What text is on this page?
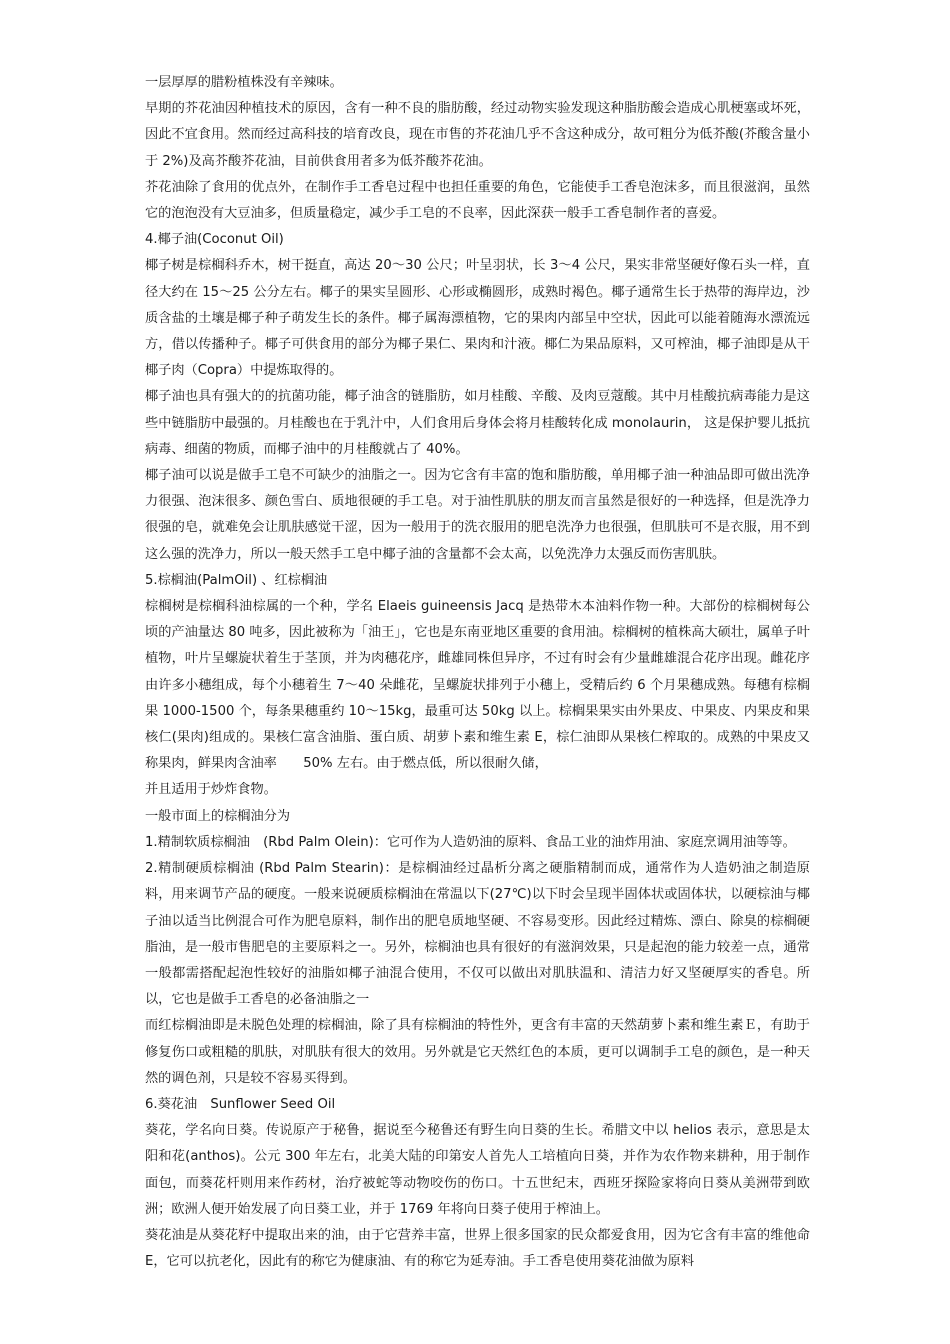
一层厚厚的腊粉植株没有辛辣味。

早期的芥花油因种植技术的原因，含有一种不良的脂肪酸，经过动物实验发现这种脂肪酸会造成心肌梗塞或坏死，因此不宜食用。然而经过高科技的培育改良，现在市售的芥花油几乎不含这种成分，故可粗分为低芥酸(芥酸含量小于 2%)及高芥酸芥花油，目前供食用者多为低芥酸芥花油。

芥花油除了食用的优点外，在制作手工香皂过程中也担任重要的角色，它能使手工香皂泡沫多，而且很滋润，虽然它的泡泡没有大豆油多，但质量稳定，减少手工皂的不良率，因此深获一般手工香皂制作者的喜爱。

4.椰子油(Coconut Oil)

椰子树是棕榈科乔木，树干挺直，高达 20～30 公尺；叶呈羽状，长 3～4 公尺，果实非常坚硬好像石头一样，直径大约在 15～25 公分左右。椰子的果实呈圆形、心形或椭圆形，成熟时褐色。椰子通常生长于热带的海岸边，沙质含盐的土壤是椰子种子萌发生长的条件。椰子属海漂植物，它的果肉内部呈中空状，因此可以能着随海水漂流远方，借以传播种子。椰子可供食用的部分为椰子果仁、果肉和汁液。椰仁为果品原料，又可榨油，椰子油即是从干椰子肉（Copra）中提炼取得的。

椰子油也具有强大的的抗菌功能，椰子油含的链脂肪，如月桂酸、辛酸、及肉豆蔻酸。其中月桂酸抗病毒能力是这些中链脂肪中最强的。月桂酸也在于乳汁中，人们食用后身体会将月桂酸转化成 monolaurin， 这是保护婴儿抵抗病毒、细菌的物质，而椰子油中的月桂酸就占了 40%。

椰子油可以说是做手工皂不可缺少的油脂之一。因为它含有丰富的饱和脂肪酸，单用椰子油一种油品即可做出洗净力很强、泡沫很多、颜色雪白、质地很硬的手工皂。对于油性肌肤的朋友而言虽然是很好的一种选择，但是洗净力很强的皂，就难免会让肌肤感觉干涩，因为一般用于的洗衣服用的肥皂洗净力也很强，但肌肤可不是衣服，用不到这么强的洗净力，所以一般天然手工皂中椰子油的含量都不会太高，以免洗净力太强反而伤害肌肤。

5.棕榈油(PalmOil) 、红棕榈油

棕榈树是棕榈科油棕属的一个种，学名 Elaeis guineensis Jacq 是热带木本油料作物一种。大部份的棕榈树每公顷的产油量达 80 吨多，因此被称为「油王」，它也是东南亚地区重要的食用油。棕榈树的植株高大硕壮，属单子叶植物，叶片呈螺旋状着生于茎顶，并为肉穗花序，雌雄同株但异序，不过有时会有少量雌雄混合花序出现。雌花序由许多小穗组成，每个小穗着生 7～40 朵雌花，呈螺旋状排列于小穗上，受精后约 6 个月果穗成熟。每穗有棕榈果 1000-1500 个，每条果穗重约 10～15kg，最重可达 50kg 以上。棕榈果果实由外果皮、中果皮、内果皮和果核仁(果肉)组成的。果核仁富含油脂、蛋白质、胡萝卜素和维生素 E，棕仁油即从果核仁榨取的。成熟的中果皮又称果肉，鲜果肉含油率　　50% 左右。由于燃点低，所以很耐久储，

并且适用于炒炸食物。

一般市面上的棕榈油分为

1.精制软质棕榈油　(Rbd Palm Olein)：它可作为人造奶油的原料、食品工业的油炸用油、家庭烹调用油等等。

2.精制硬质棕榈油 (Rbd Palm Stearin)：是棕榈油经过晶析分离之硬脂精制而成，通常作为人造奶油之制造原料，用来调节产品的硬度。一般来说硬质棕榈油在常温以下(27℃)以下时会呈现半固体状或固体状，以硬棕油与椰子油以适当比例混合可作为肥皂原料，制作出的肥皂质地坚硬、不容易变形。因此经过精炼、漂白、除臭的棕榈硬脂油，是一般市售肥皂的主要原料之一。另外，棕榈油也具有很好的有滋润效果，只是起泡的能力较差一点，通常一般都需搭配起泡性较好的油脂如椰子油混合使用，不仅可以做出对肌肤温和、清洁力好又坚硬厚实的香皂。所以，它也是做手工香皂的必备油脂之一

而红棕榈油即是未脱色处理的棕榈油，除了具有棕榈油的特性外，更含有丰富的天然葫萝卜素和维生素Ｅ，有助于修复伤口或粗糙的肌肤，对肌肤有很大的效用。另外就是它天然红色的本质，更可以调制手工皂的颜色，是一种天然的调色剂，只是较不容易买得到。

6.葵花油　Sunflower Seed Oil

葵花，学名向日葵。传说原产于秘鲁，据说至今秘鲁还有野生向日葵的生长。希腊文中以 helios 表示，意思是太阳和花(anthos)。公元 300 年左右，北美大陆的印第安人首先人工培植向日葵，并作为农作物来耕种，用于制作面包，而葵花杆则用来作药材，治疗被蛇等动物咬伤的伤口。十五世纪末，西班牙探险家将向日葵从美洲带到欧洲；欧洲人便开始发展了向日葵工业，并于 1769 年将向日葵子使用于榨油上。

葵花油是从葵花籽中提取出来的油，由于它营养丰富，世界上很多国家的民众都爱食用，因为它含有丰富的维他命 E，它可以抗老化，因此有的称它为健康油、有的称它为延寿油。手工香皂使用葵花油做为原料
